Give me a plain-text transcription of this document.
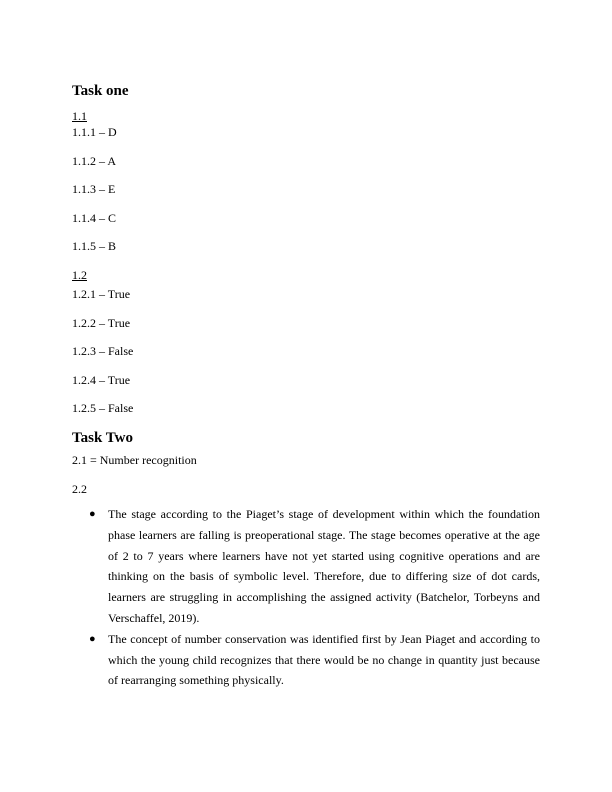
Task one
1.1
1.1.1 – D
1.1.2 – A
1.1.3 – E
1.1.4 – C
1.1.5 – B
1.2
1.2.1 – True
1.2.2 – True
1.2.3 – False
1.2.4 – True
1.2.5 – False
Task Two
2.1 = Number recognition
2.2
● The stage according to the Piaget’s stage of development within which the foundation phase learners are falling is preoperational stage. The stage becomes operative at the age of 2 to 7 years where learners have not yet started using cognitive operations and are thinking on the basis of symbolic level. Therefore, due to differing size of dot cards, learners are struggling in accomplishing the assigned activity (Batchelor, Torbeyns and Verschaffel, 2019).
● The concept of number conservation was identified first by Jean Piaget and according to which the young child recognizes that there would be no change in quantity just because of rearranging something physically.
